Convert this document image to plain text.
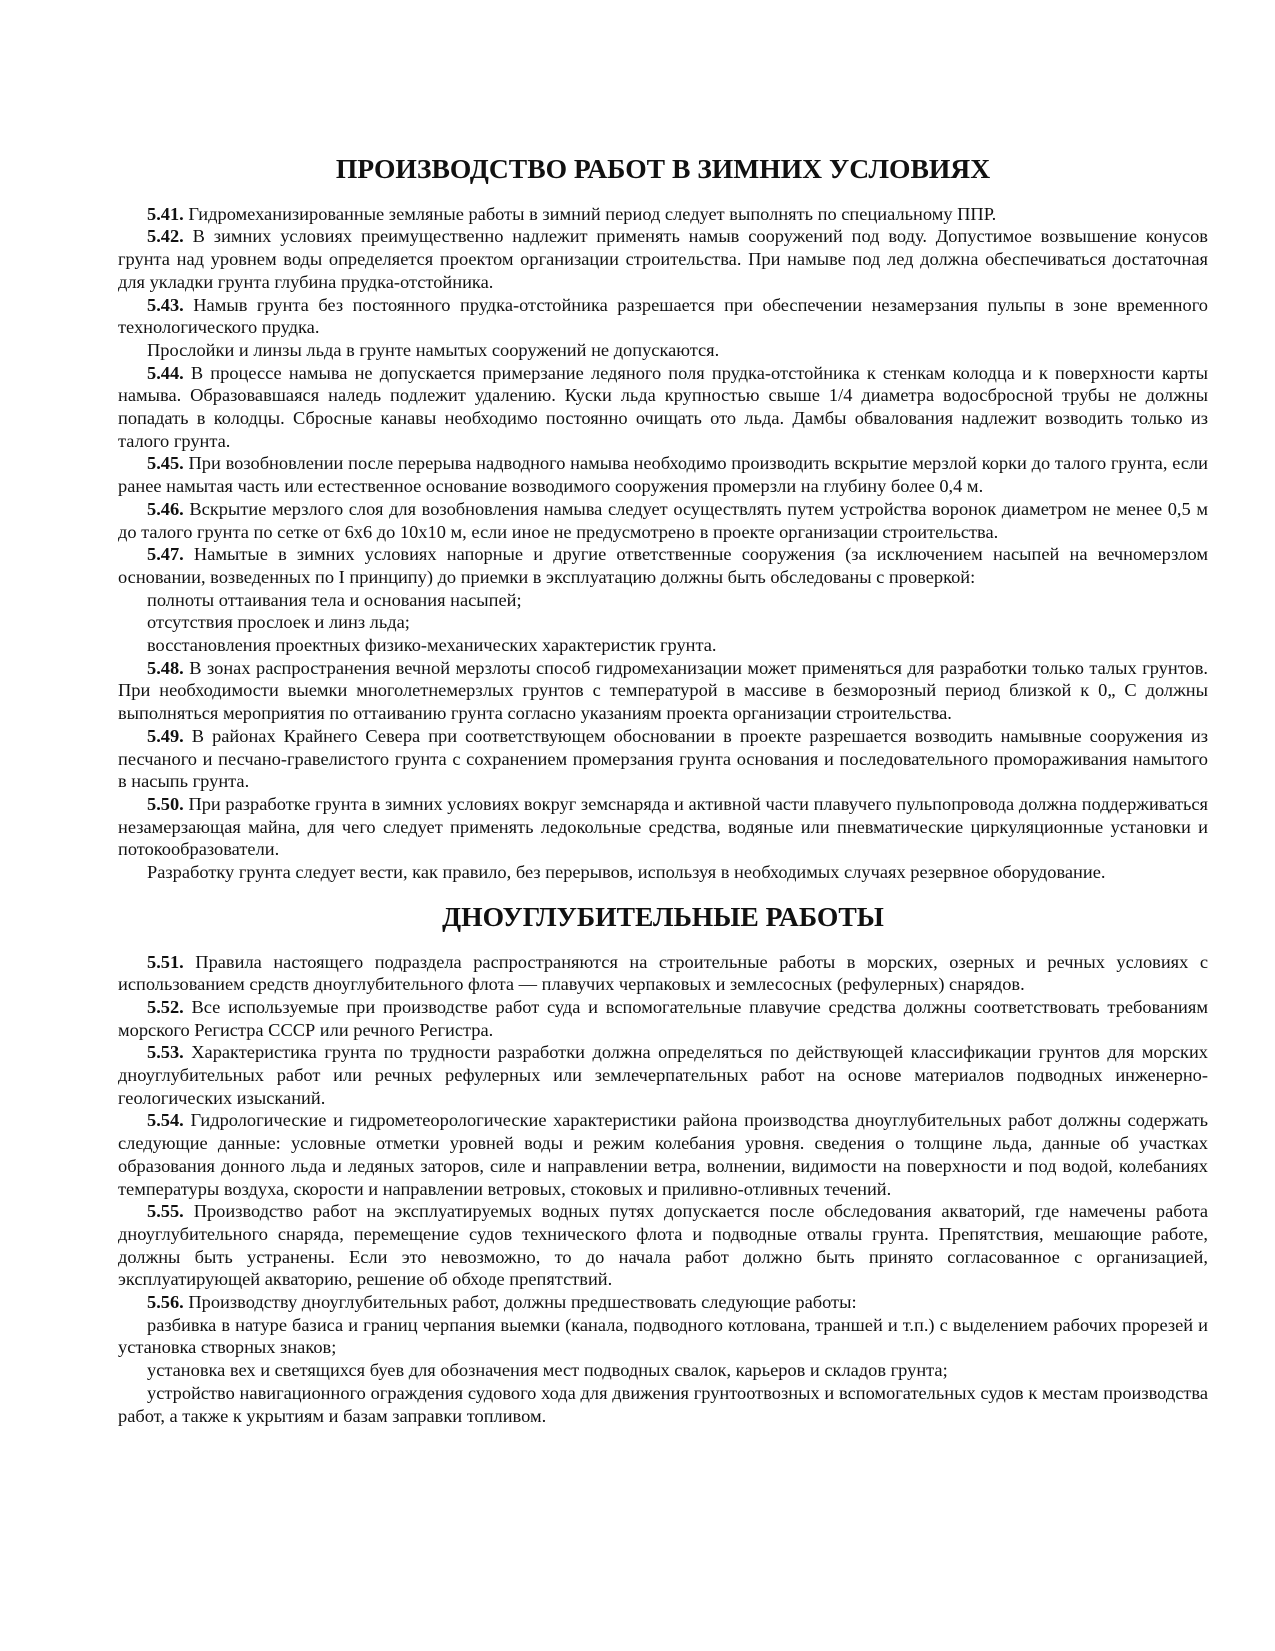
ПРОИЗВОДСТВО РАБОТ В ЗИМНИХ УСЛОВИЯХ

5.41. Гидромеханизированные земляные работы в зимний период следует выполнять по специальному ППР.

5.42. В зимних условиях преимущественно надлежит применять намыв сооружений под воду. Допустимое возвышение конусов грунта над уровнем воды определяется проектом организации строительства. При намыве под лед должна обеспечиваться достаточная для укладки грунта глубина прудка-отстойника.

5.43. Намыв грунта без постоянного прудка-отстойника разрешается при обеспечении незамерзания пульпы в зоне временного технологического прудка.

Прослойки и линзы льда в грунте намытых сооружений не допускаются.

5.44. В процессе намыва не допускается примерзание ледяного поля прудка-отстойника к стенкам колодца и к поверхности карты намыва. Образовавшаяся наледь подлежит удалению. Куски льда крупностью свыше 1/4 диаметра водосбросной трубы не должны попадать в колодцы. Сбросные канавы необходимо постоянно очищать ото льда. Дамбы обвалования надлежит возводить только из талого грунта.

5.45. При возобновлении после перерыва надводного намыва необходимо производить вскрытие мерзлой корки до талого грунта, если ранее намытая часть или естественное основание возводимого сооружения промерзли на глубину более 0,4 м.

5.46. Вскрытие мерзлого слоя для возобновления намыва следует осуществлять путем устройства воронок диаметром не менее 0,5 м до талого грунта по сетке от 6х6 до 10х10 м, если иное не предусмотрено в проекте организации строительства.

5.47. Намытые в зимних условиях напорные и другие ответственные сооружения (за исключением насыпей на вечномерзлом основании, возведенных по I принципу) до приемки в эксплуатацию должны быть обследованы с проверкой:

полноты оттаивания тела и основания насыпей;

отсутствия прослоек и линз льда;

восстановления проектных физико-механических характеристик грунта.

5.48. В зонах распространения вечной мерзлоты способ гидромеханизации может применяться для разработки только талых грунтов. При необходимости выемки многолетнемерзлых грунтов с температурой в массиве в безморозный период близкой к 0„ С должны выполняться мероприятия по оттаиванию грунта согласно указаниям проекта организации строительства.

5.49. В районах Крайнего Севера при соответствующем обосновании в проекте разрешается возводить намывные сооружения из песчаного и песчано-гравелистого грунта с сохранением промерзания грунта основания и последовательного промораживания намытого в насыпь грунта.

5.50. При разработке грунта в зимних условиях вокруг земснаряда и активной части плавучего пульпопровода должна поддерживаться незамерзающая майна, для чего следует применять ледокольные средства, водяные или пневматические циркуляционные установки и потокообразователи.

Разработку грунта следует вести, как правило, без перерывов, используя в необходимых случаях резервное оборудование.

ДНОУГЛУБИТЕЛЬНЫЕ РАБОТЫ

5.51. Правила настоящего подраздела распространяются на строительные работы в морских, озерных и речных условиях с использованием средств дноуглубительного флота — плавучих черпаковых и землесосных (рефулерных) снарядов.

5.52. Все используемые при производстве работ суда и вспомогательные плавучие средства должны соответствовать требованиям морского Регистра СССР или речного Регистра.

5.53. Характеристика грунта по трудности разработки должна определяться по действующей классификации грунтов для морских дноуглубительных работ или речных рефулерных или землечерпательных работ на основе материалов подводных инженерно-геологических изысканий.

5.54. Гидрологические и гидрометеорологические характеристики района производства дноуглубительных работ должны содержать следующие данные: условные отметки уровней воды и режим колебания уровня. сведения о толщине льда, данные об участках образования донного льда и ледяных заторов, силе и направлении ветра, волнении, видимости на поверхности и под водой, колебаниях температуры воздуха, скорости и направлении ветровых, стоковых и приливно-отливных течений.

5.55. Производство работ на эксплуатируемых водных путях допускается после обследования акваторий, где намечены работа дноуглубительного снаряда, перемещение судов технического флота и подводные отвалы грунта. Препятствия, мешающие работе, должны быть устранены. Если это невозможно, то до начала работ должно быть принято согласованное с организацией, эксплуатирующей акваторию, решение об обходе препятствий.

5.56. Производству дноуглубительных работ, должны предшествовать следующие работы:

разбивка в натуре базиса и границ черпания выемки (канала, подводного котлована, траншей и т.п.) с выделением рабочих прорезей и установка створных знаков;

установка вех и светящихся буев для обозначения мест подводных свалок, карьеров и складов грунта;

устройство навигационного ограждения судового хода для движения грунтоотвозных и вспомогательных судов к местам производства работ, а также к укрытиям и базам заправки топливом.
